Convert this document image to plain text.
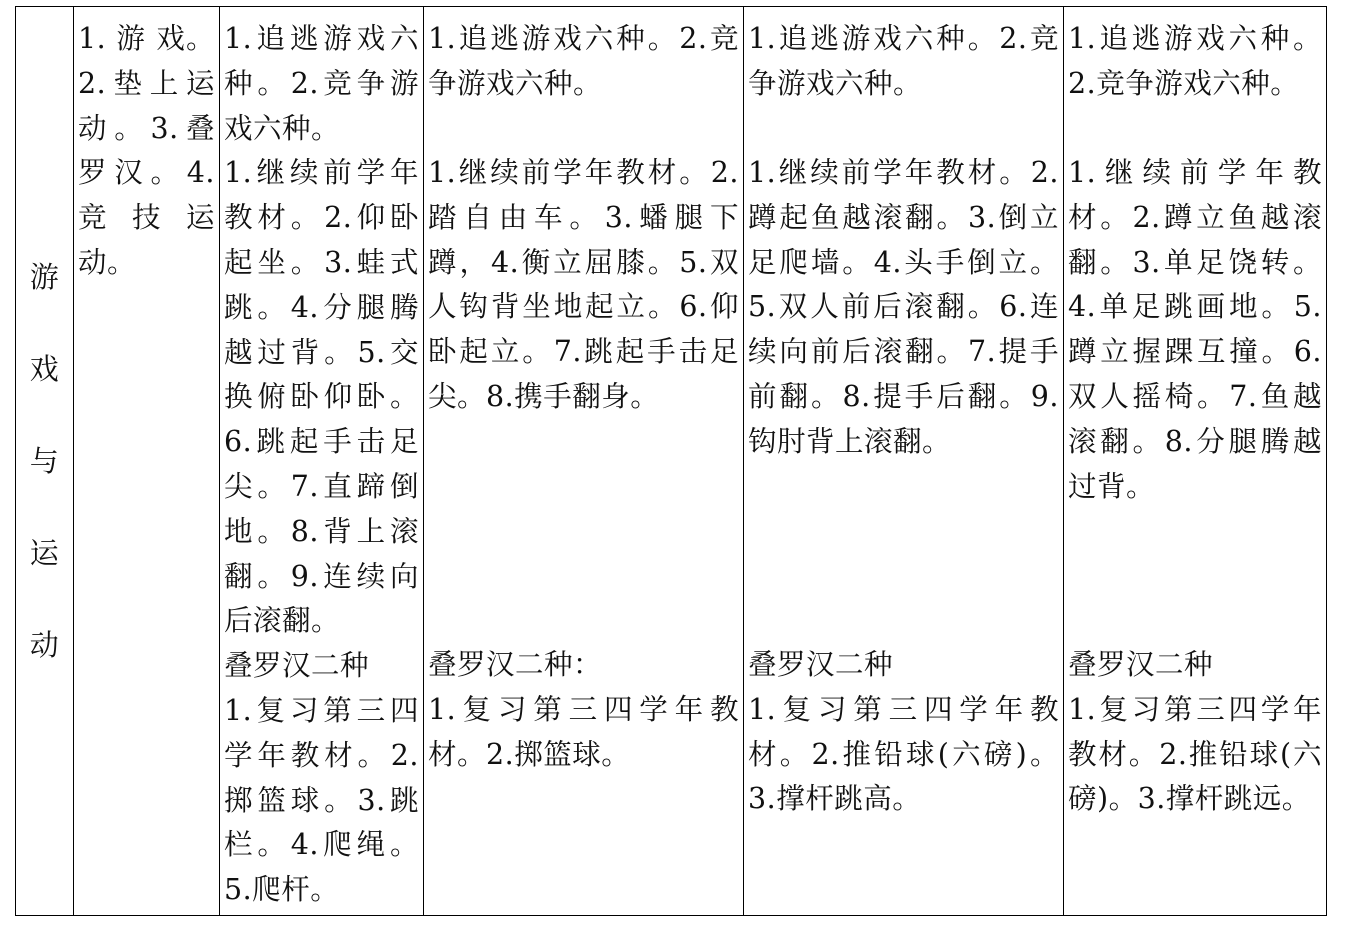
游
戏
与
运
动

1. 游 戏。2.垫上运动。3.叠罗汉。4.竞技运动。

1.追逃游戏六种。2.竞争游戏六种。
1.继续前学年教材。2.仰卧起坐。3.蛙式跳。4.分腿腾越过背。5.交换俯卧仰卧。6.跳起手击足尖。7.直蹄倒地。8.背上滚翻。9.连续向后滚翻。
叠罗汉二种
1.复习第三四学年教材。2.掷篮球。3.跳栏。4.爬绳。5.爬杆。

1.追逃游戏六种。2.竞争游戏六种。
1.继续前学年教材。2.踏自由车。3.蟠腿下蹲，4.衡立屈膝。5.双人钩背坐地起立。6.仰卧起立。7.跳起手击足尖。8.携手翻身。
叠罗汉二种：
1.复习第三四学年教材。2.掷篮球。

1.追逃游戏六种。2.竞争游戏六种。
1.继续前学年教材。2.蹲起鱼越滚翻。3.倒立足爬墙。4.头手倒立。5.双人前后滚翻。6.连续向前后滚翻。7.提手前翻。8.提手后翻。9.钩肘背上滚翻。
叠罗汉二种
1.复习第三四学年教材。2.推铅球(六磅)。3.撑杆跳高。

1.追逃游戏六种。2.竞争游戏六种。
1.继续前学年教材。2.蹲立鱼越滚翻。3.单足饶转。4.单足跳画地。5.蹲立握踝互撞。6.双人摇椅。7.鱼越滚翻。8.分腿腾越过背。
叠罗汉二种
1.复习第三四学年教材。2.推铅球(六磅)。3.撑杆跳远。
